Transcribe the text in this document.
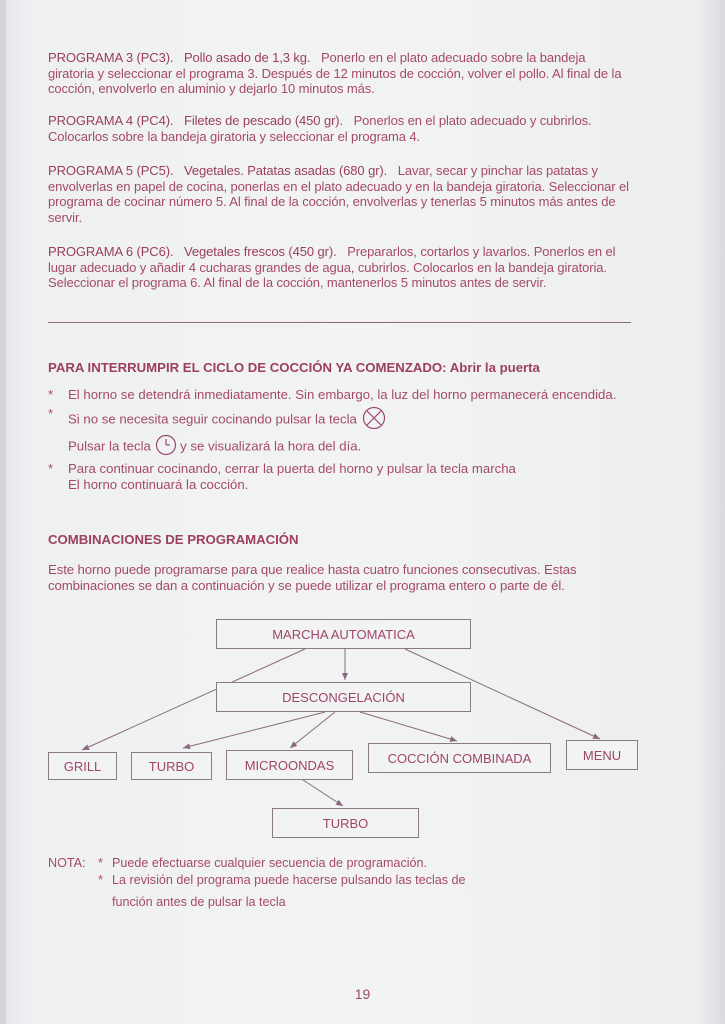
PROGRAMA 3 (PC3). Pollo asado de 1,3 kg. Ponerlo en el plato adecuado sobre la bandeja giratoria y seleccionar el programa 3. Después de 12 minutos de cocción, volver el pollo. Al final de la cocción, envolverlo en aluminio y dejarlo 10 minutos más.
PROGRAMA 4 (PC4). Filetes de pescado (450 gr). Ponerlos en el plato adecuado y cubrirlos. Colocarlos sobre la bandeja giratoria y seleccionar el programa 4.
PROGRAMA 5 (PC5). Vegetales. Patatas asadas (680 gr). Lavar, secar y pinchar las patatas y envolverlas en papel de cocina, ponerlas en el plato adecuado y en la bandeja giratoria. Seleccionar el programa de cocinar número 5. Al final de la cocción, envolverlas y tenerlas 5 minutos más antes de servir.
PROGRAMA 6 (PC6). Vegetales frescos (450 gr). Prepararlos, cortarlos y lavarlos. Ponerlos en el lugar adecuado y añadir 4 cucharas grandes de agua, cubrirlos. Colocarlos en la bandeja giratoria. Seleccionar el programa 6. Al final de la cocción, mantenerlos 5 minutos antes de servir.
PARA INTERRUMPIR EL CICLO DE COCCIÓN YA COMENZADO: Abrir la puerta
* El horno se detendrá inmediatamente. Sin embargo, la luz del horno permanecerá encendida.
* Si no se necesita seguir cocinando pulsar la tecla
Pulsar la tecla y se visualizará la hora del día.
* Para continuar cocinando, cerrar la puerta del horno y pulsar la tecla marcha
El horno continuará la cocción.
COMBINACIONES DE PROGRAMACIÓN
Este horno puede programarse para que realice hasta cuatro funciones consecutivas. Estas combinaciones se dan a continuación y se puede utilizar el programa entero o parte de él.
MARCHA AUTOMATICA
DESCONGELACIÓN
GRILL	TURBO	MICROONDAS	COCCIÓN COMBINADA	MENU
TURBO
NOTA: * Puede efectuarse cualquier secuencia de programación.
* La revisión del programa puede hacerse pulsando las teclas de
función antes de pulsar la tecla
19
